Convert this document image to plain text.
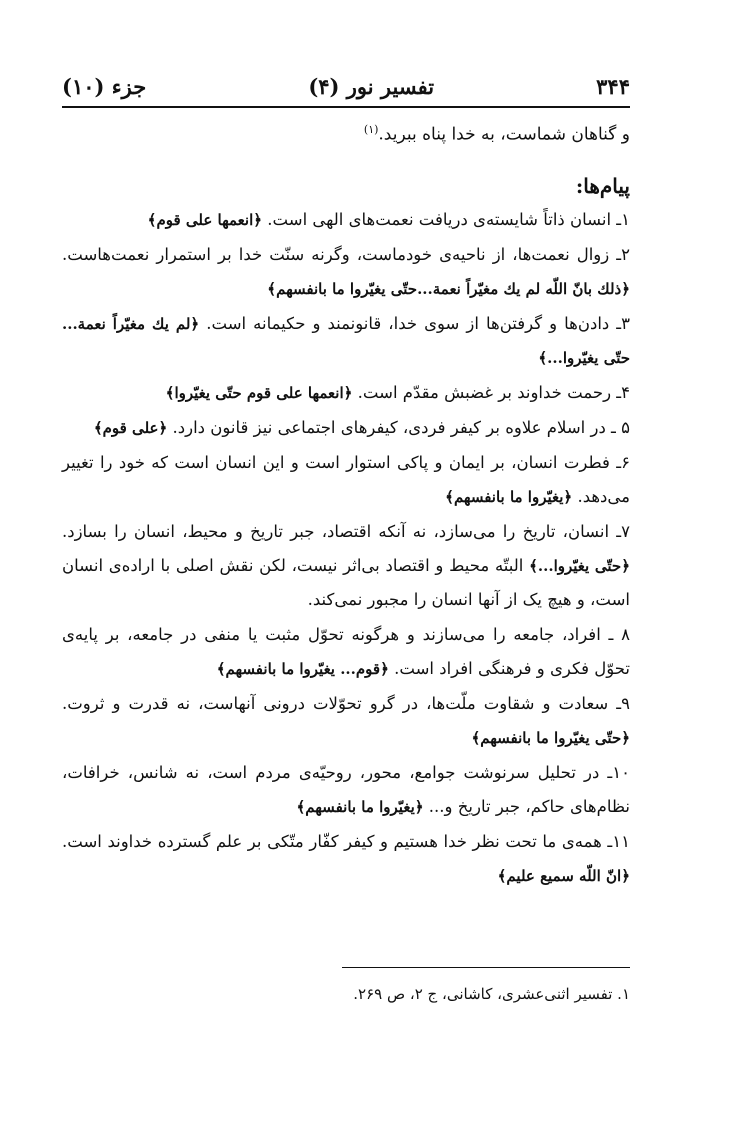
۳۴۴
تفسیر نور (۴)
جزء (۱۰)
و گناهان شماست، به خدا پناه ببرید.$^{(۱)}$
پیام‌ها:
۱ـ انسان ذاتاً شایسته‌ی دریافت نعمت‌های الهی است. ﴿انعمها علی قوم﴾
۲ـ زوال نعمت‌ها، از ناحیه‌ی خودماست، وگرنه سنّت خدا بر استمرار نعمت‌هاست. ﴿ذلك بانّ اللّه لم يك مغيّراً نعمة...حتّی يغيّروا ما بانفسهم﴾
۳ـ دادن‌ها و گرفتن‌ها از سوی خدا، قانونمند و حکیمانه است. ﴿لم يك مغيّراً نعمة... حتّی يغيّروا...﴾
۴ـ رحمت خداوند بر غضبش مقدّم است. ﴿انعمها علی قوم حتّی يغيّروا﴾
۵ ـ در اسلام علاوه بر کیفر فردی، کیفرهای اجتماعی نیز قانون دارد. ﴿علی قوم﴾
۶ـ فطرت انسان، بر ایمان و پاکی استوار است و این انسان است که خود را تغییر می‌دهد. ﴿يغيّروا ما بانفسهم﴾
۷ـ انسان، تاریخ را می‌سازد، نه آنکه اقتصاد، جبر تاریخ و محیط، انسان را بسازد. ﴿حتّی يغيّروا...﴾ البتّه محیط و اقتصاد بی‌اثر نیست، لکن نقش اصلی با اراده‌ی انسان است، و هیچ یک از آنها انسان را مجبور نمی‌کند.
۸ ـ افراد، جامعه را می‌سازند و هرگونه تحوّل مثبت یا منفی در جامعه، بر پایه‌ی تحوّل فکری و فرهنگی افراد است. ﴿قوم... يغيّروا ما بانفسهم﴾
۹ـ سعادت و شقاوت ملّت‌ها، در گرو تحوّلات درونی آنهاست، نه قدرت و ثروت. ﴿حتّی يغيّروا ما بانفسهم﴾
۱۰ـ در تحلیل سرنوشت جوامع، محور، روحیّه‌ی مردم است، نه شانس، خرافات، نظام‌های حاکم، جبر تاریخ و... ﴿يغيّروا ما بانفسهم﴾
۱۱ـ همه‌ی ما تحت نظر خدا هستیم و کیفر کفّار متّکی بر علم گسترده خداوند است. ﴿انّ اللّه سميع عليم﴾
۱. تفسیر اثنی‌عشری، کاشانی، ج ۲، ص ۲۶۹.
